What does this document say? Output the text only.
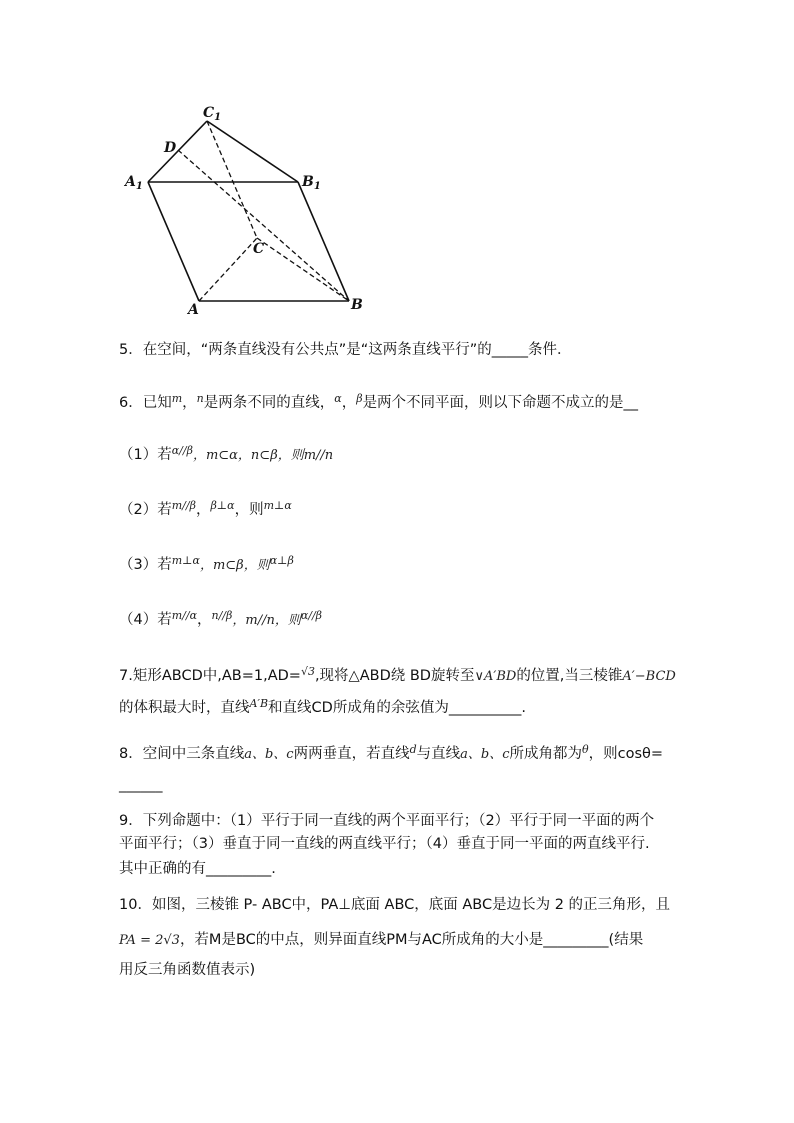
$C_1$
D
$A_1$	$B_1$
C
A	B
5．在空间，“两条直线没有公共点”是“这两条直线平行”的_____条件．
6．已知$^m$，$^n$是两条不同的直线，$^\alpha$，$^\beta$是两个不同平面，则以下命题不成立的是__
（1）若$^{\alpha//\beta}$，m⊂α，n⊂β，则m//n
（2）若$^{m//\beta}$，$^{\beta\perp\alpha}$，则$^{m\perp\alpha}$
（3）若$^{m\perp\alpha}$，m⊂β，则$^{\alpha\perp\beta}$
（4）若$^{m//\alpha}$，$^{n//\beta}$，m//n，则$^{\alpha//\beta}$
7.矩形ABCD中,AB=1,AD=$^{√3}$,现将△ABD绕 BD旋转至∨A′BD的位置,当三棱锥A′−BCD
的体积最大时，直线$^{A'B}$和直线CD所成角的余弦值为__________.
8．空间中三条直线a、b、c两两垂直，若直线$^d$与直线a、b、c所成角都为$^\theta$，则cosθ=
______
9．下列命题中：（1）平行于同一直线的两个平面平行；（2）平行于同一平面的两个
平面平行；（3）垂直于同一直线的两直线平行；（4）垂直于同一平面的两直线平行.
其中正确的有_________.
10．如图，三棱锥 P- ABC中，PA⊥底面 ABC，底面 ABC是边长为 2 的正三角形，且
PA = 2√3，若M是BC的中点，则异面直线PM与AC所成角的大小是_________(结果
用反三角函数值表示)
